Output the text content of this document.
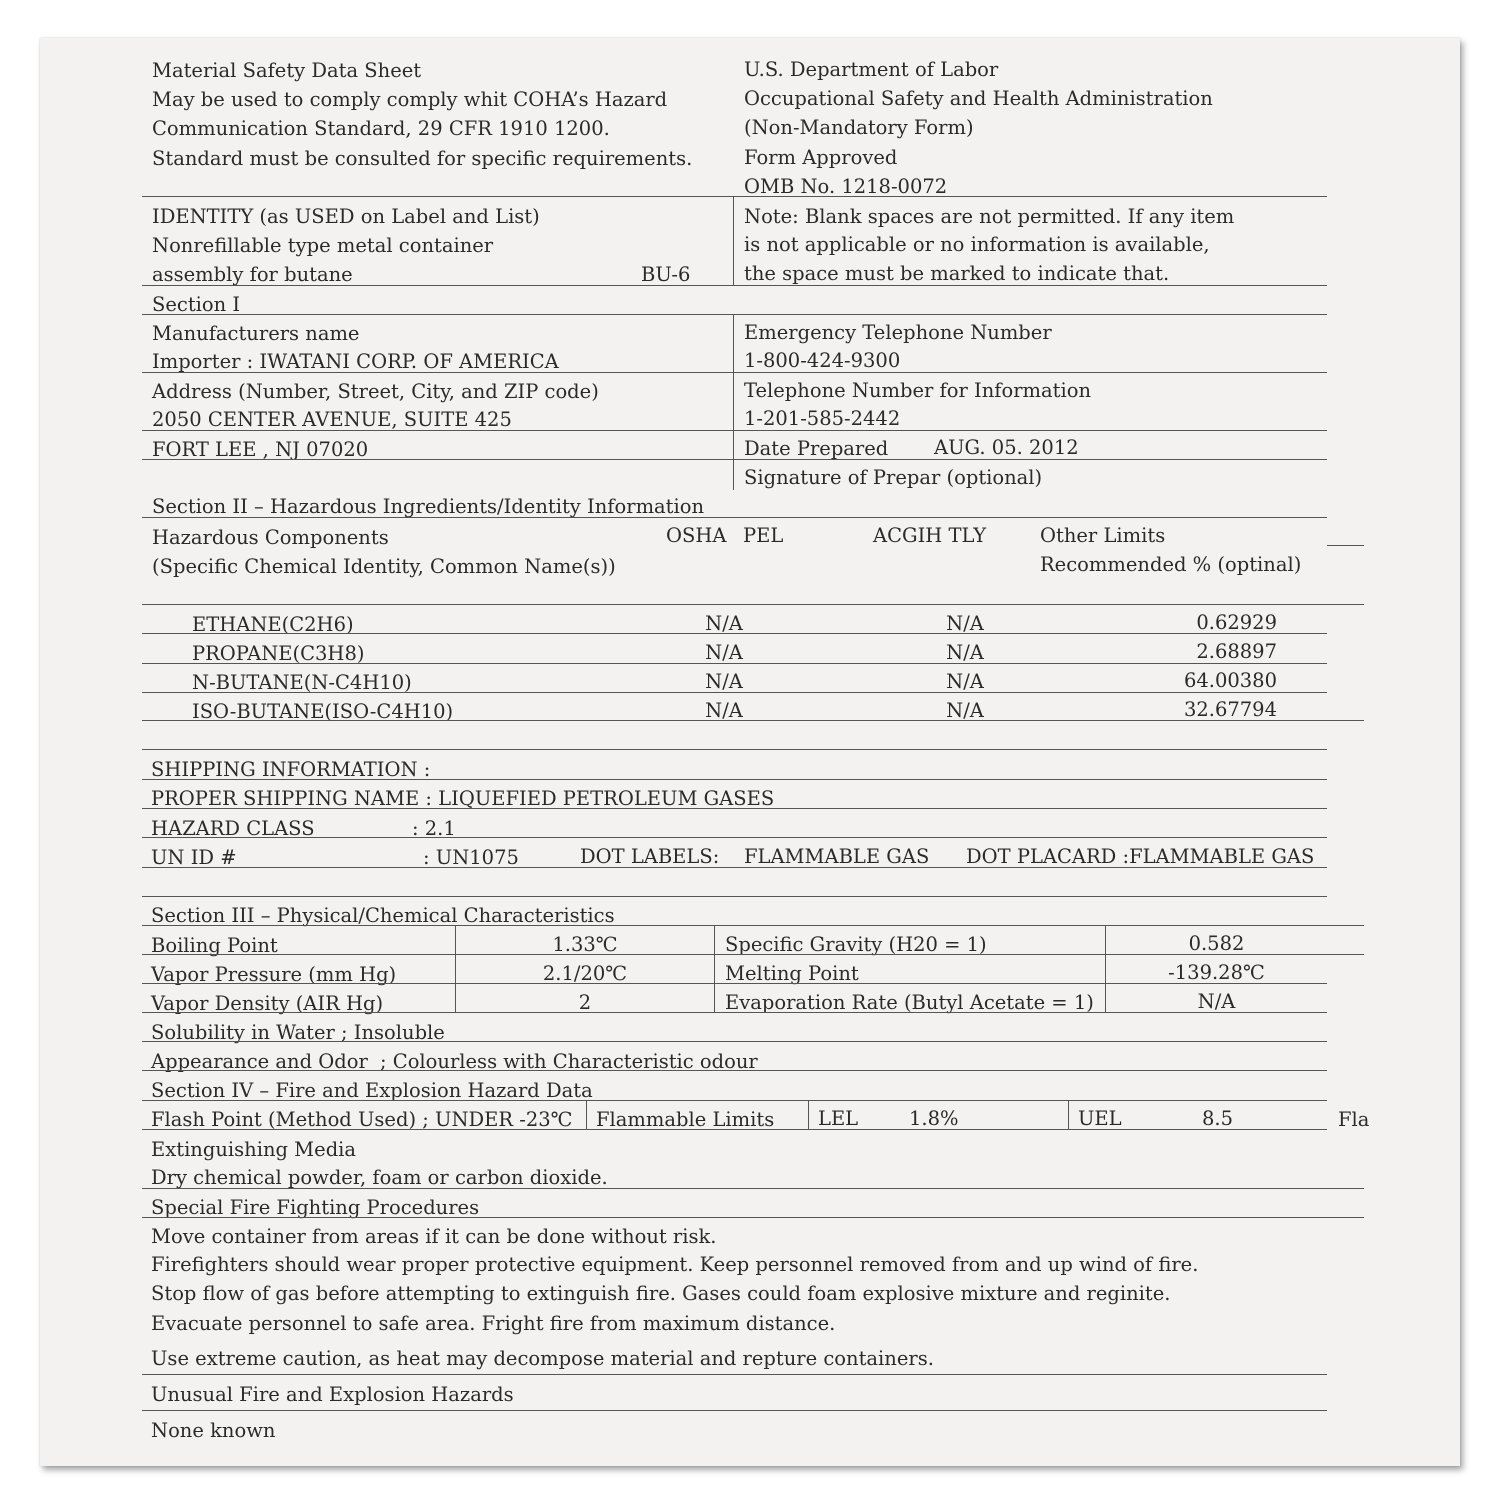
Material Safety Data Sheet
May be used to comply comply whit COHA’s Hazard
Communication Standard, 29 CFR 1910 1200.
Standard must be consulted for specific requirements.
U.S. Department of Labor
Occupational Safety and Health Administration
(Non-Mandatory Form)
Form Approved
OMB No. 1218-0072
IDENTITY (as USED on Label and List)
Nonrefillable type metal container
assembly for butane	BU-6
Note: Blank spaces are not permitted. If any item
is not applicable or no information is available,
the space must be marked to indicate that.
Section I
Manufacturers name
Importer : IWATANI CORP. OF AMERICA
Emergency Telephone Number
1-800-424-9300
Address (Number, Street, City, and ZIP code)
2050 CENTER AVENUE, SUITE 425
Telephone Number for Information
1-201-585-2442
FORT LEE , NJ 07020	Date Prepared AUG. 05. 2012
Signature of Prepar (optional)
Section II – Hazardous Ingredients/Identity Information
Hazardous Components
(Specific Chemical Identity, Common Name(s))
OSHA PEL	ACGIH TLY	Other Limits
Recommended % (optinal)
ETHANE(C2H6)	N/A	N/A	0.62929
PROPANE(C3H8)	N/A	N/A	2.68897
N-BUTANE(N-C4H10)	N/A	N/A	64.00380
ISO-BUTANE(ISO-C4H10)	N/A	N/A	32.67794
SHIPPING INFORMATION :
PROPER SHIPPING NAME : LIQUEFIED PETROLEUM GASES
HAZARD CLASS	: 2.1
UN ID #	: UN1075	DOT LABELS: FLAMMABLE GAS DOT PLACARD :FLAMMABLE GAS
Section III – Physical/Chemical Characteristics
Boiling Point	1.33℃	Specific Gravity (H20 = 1)	0.582
Vapor Pressure (mm Hg)	2.1/20℃	Melting Point	-139.28℃
Vapor Density (AIR Hg)	2	Evaporation Rate (Butyl Acetate = 1)	N/A
Solubility in Water ; Insoluble
Appearance and Odor ; Colourless with Characteristic odour
Section IV – Fire and Explosion Hazard Data
Flash Point (Method Used) ; UNDER -23℃ Flammable Limits LEL	1.8%	UEL	8.5	Fla
Extinguishing Media
Dry chemical powder, foam or carbon dioxide.
Special Fire Fighting Procedures
Move container from areas if it can be done without risk.
Firefighters should wear proper protective equipment. Keep personnel removed from and up wind of fire.
Stop flow of gas before attempting to extinguish fire. Gases could foam explosive mixture and reginite.
Evacuate personnel to safe area. Fright fire from maximum distance.
Use extreme caution, as heat may decompose material and repture containers.
Unusual Fire and Explosion Hazards
None known
